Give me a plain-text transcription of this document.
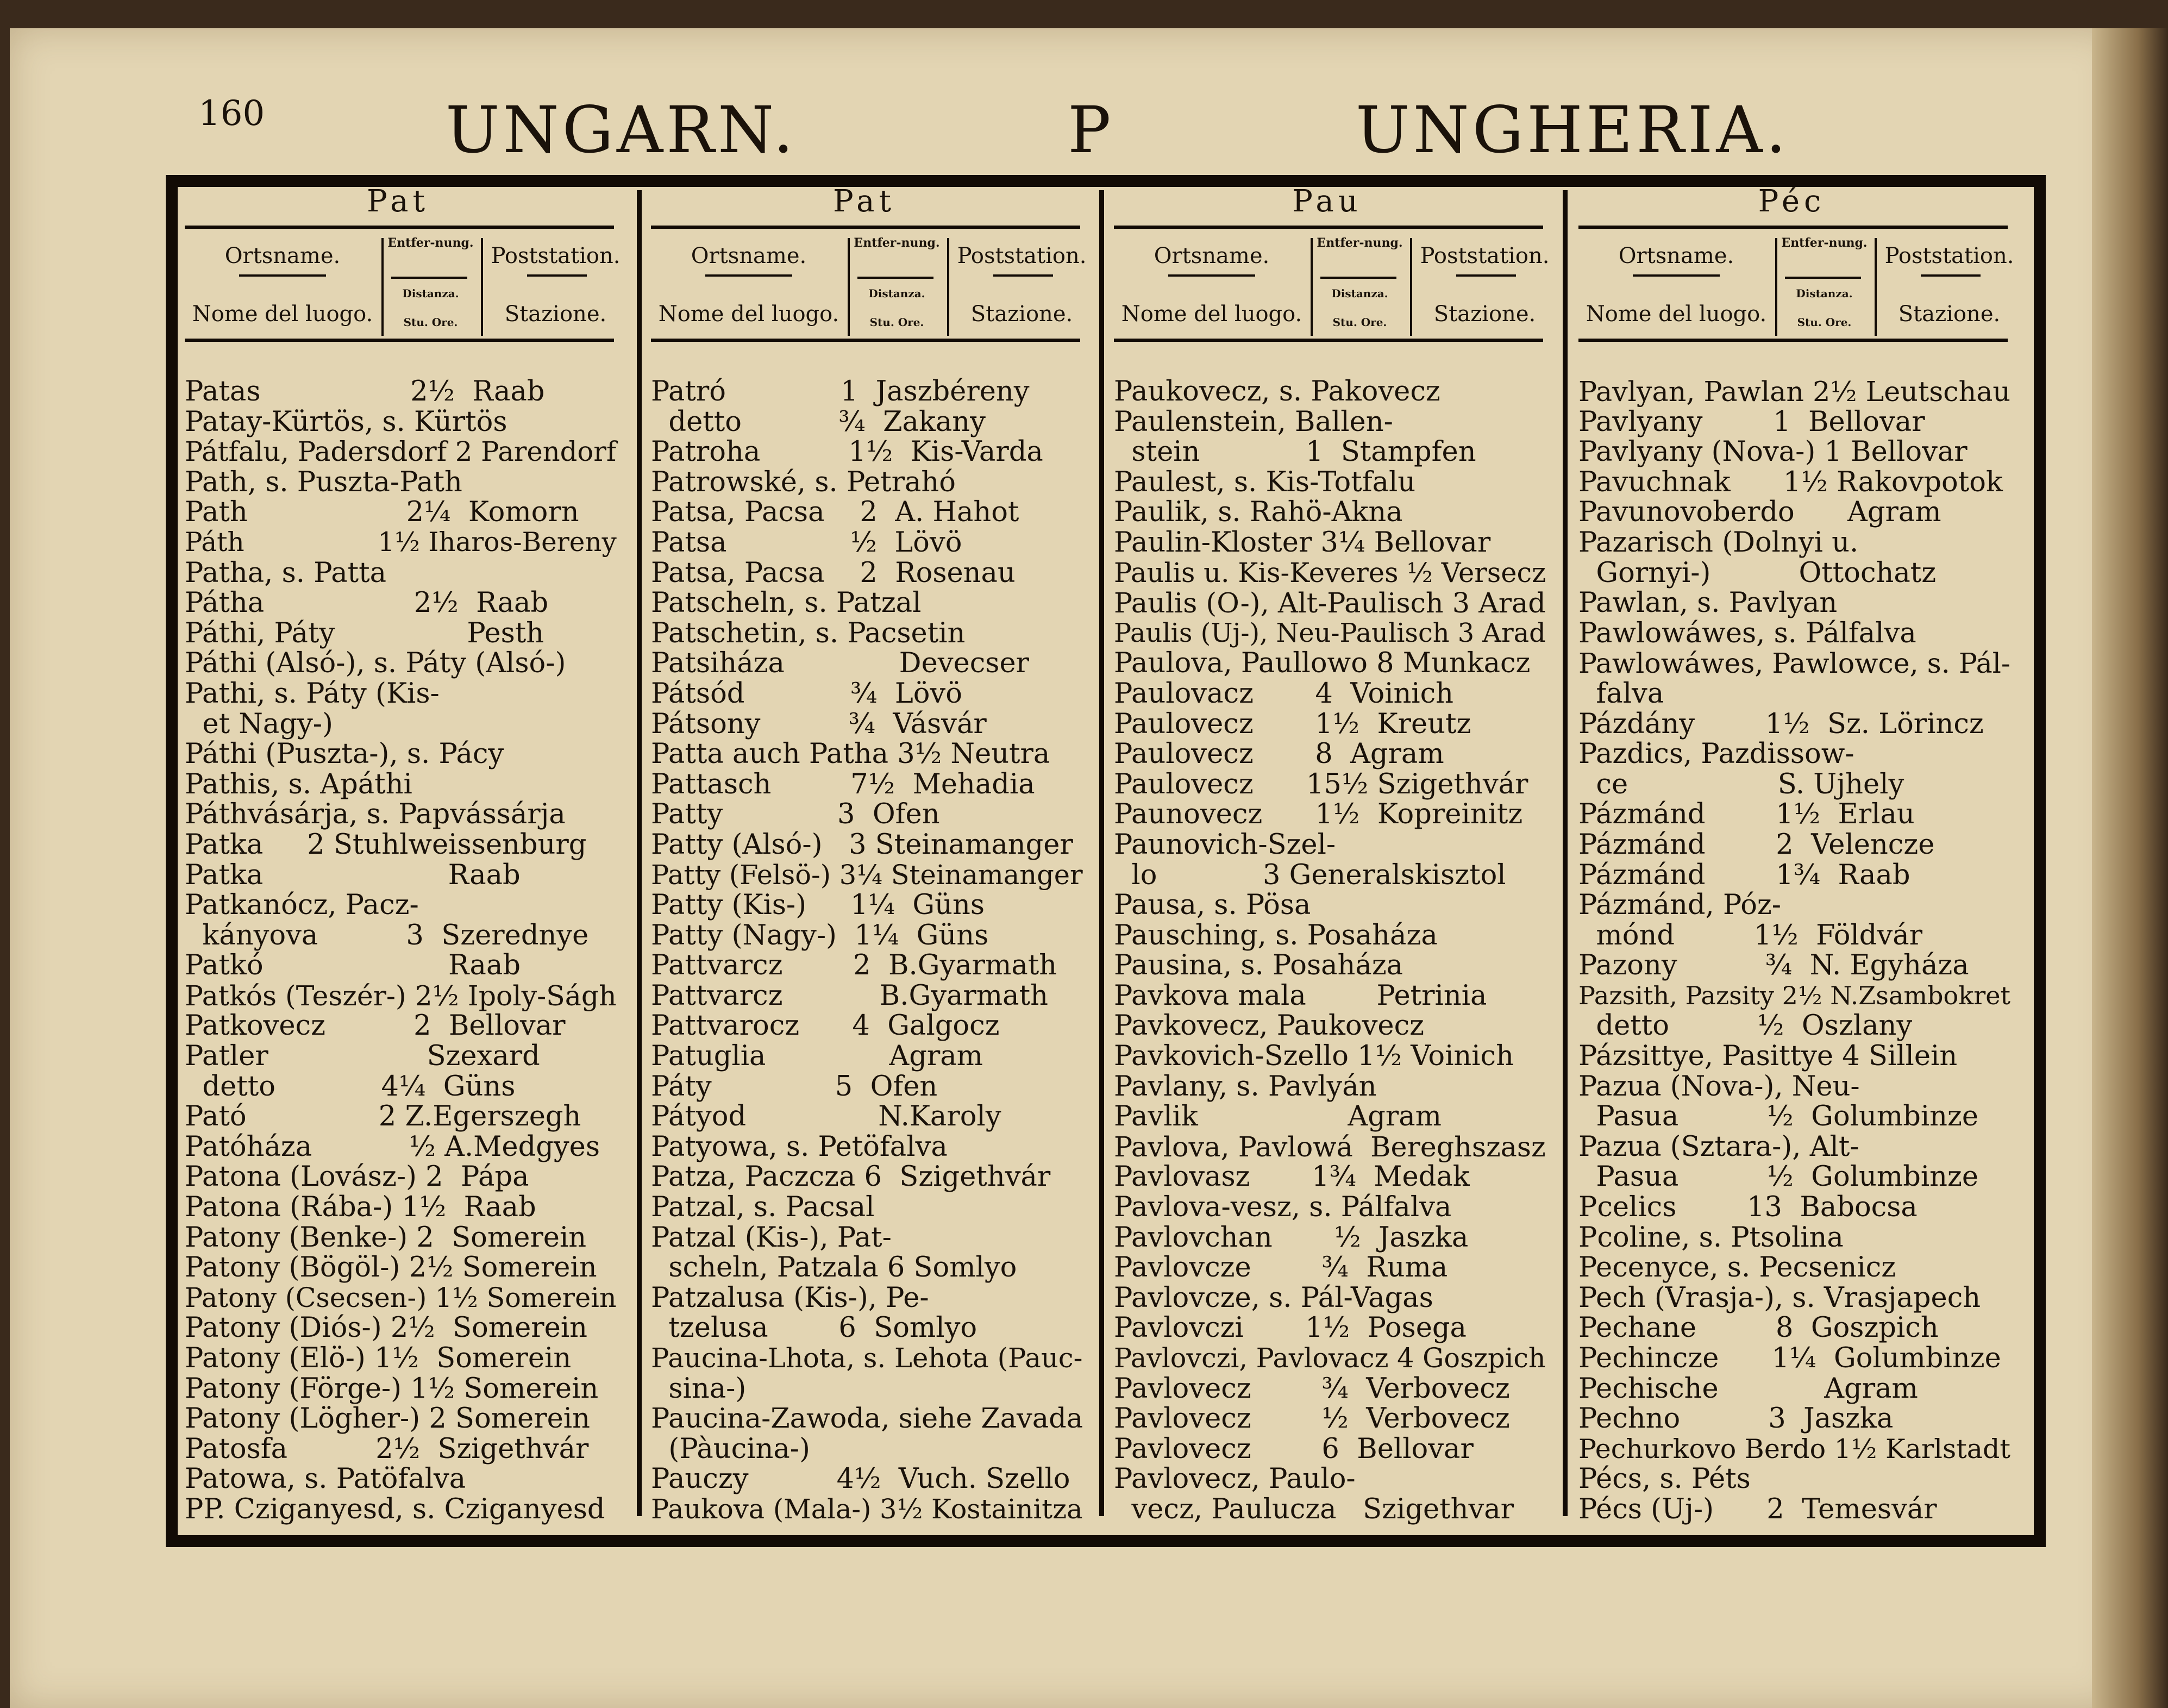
160	UNGARN.	P	UNGHERIA.
Pat
Ortsname.
Nome del luogo.
Entfer-nung.
Distanza.
Stu. Ore.
Poststation.
Stazione.
Patas                 2½  Raab
Patay-Kürtös, s. Kürtös
Pátfalu, Padersdorf 2 Parendorf
Path, s. Puszta-Path
Path                  2¼  Komorn
Páth                1½ Iharos-Bereny
Patha, s. Patta
Pátha                 2½  Raab
Páthi, Páty               Pesth
Páthi (Alsó-), s. Páty (Alsó-)
Pathi, s. Páty (Kis-
et Nagy-)
Páthi (Puszta-), s. Pácy
Pathis, s. Apáthi
Páthvásárja, s. Papvássárja
Patka     2 Stuhlweissenburg
Patka                     Raab
Patkanócz, Pacz-
kányova          3  Szerednye
Patkó                     Raab
Patkós (Teszér-) 2½ Ipoly-Ságh
Patkovecz          2  Bellovar
Patler                  Szexard
detto            4¼  Güns
Pató               2 Z.Egerszegh
Patóháza           ½ A.Medgyes
Patona (Lovász-) 2  Pápa
Patona (Rába-) 1½  Raab
Patony (Benke-) 2  Somerein
Patony (Bögöl-) 2½ Somerein
Patony (Csecsen-) 1½ Somerein
Patony (Diós-) 2½  Somerein
Patony (Elö-) 1½  Somerein
Patony (Förge-) 1½ Somerein
Patony (Lögher-) 2 Somerein
Patosfa          2½  Szigethvár
Patowa, s. Patöfalva
PP. Cziganyesd, s. Cziganyesd
Pat
Ortsname.
Nome del luogo.
Entfer-nung.
Distanza.
Stu. Ore.
Poststation.
Stazione.
Patró             1  Jaszbéreny
detto           ¾  Zakany
Patroha          1½  Kis-Varda
Patrowské, s. Petrahó
Patsa, Pacsa    2  A. Hahot
Patsa              ½  Lövö
Patsa, Pacsa    2  Rosenau
Patscheln, s. Patzal
Patschetin, s. Pacsetin
Patsiháza             Devecser
Pátsód            ¾  Lövö
Pátsony          ¾  Vásvár
Patta auch Patha 3½ Neutra
Pattasch         7½  Mehadia
Patty             3  Ofen
Patty (Alsó-)   3 Steinamanger
Patty (Felsö-) 3¼ Steinamanger
Patty (Kis-)     1¼  Güns
Patty (Nagy-)  1¼  Güns
Pattvarcz        2  B.Gyarmath
Pattvarcz           B.Gyarmath
Pattvarocz      4  Galgocz
Patuglia              Agram
Páty              5  Ofen
Pátyod               N.Karoly
Patyowa, s. Petöfalva
Patza, Paczcza 6  Szigethvár
Patzal, s. Pacsal
Patzal (Kis-), Pat-
scheln, Patzala 6 Somlyo
Patzalusa (Kis-), Pe-
tzelusa        6  Somlyo
Paucina-Lhota, s. Lehota (Pauc-
sina-)
Paucina-Zawoda, siehe Zavada
(Pàucina-)
Pauczy          4½  Vuch. Szello
Paukova (Mala-) 3½ Kostainitza
Pau
Ortsname.
Nome del luogo.
Entfer-nung.
Distanza.
Stu. Ore.
Poststation.
Stazione.
Paukovecz, s. Pakovecz
Paulenstein, Ballen-
stein            1  Stampfen
Paulest, s. Kis-Totfalu
Paulik, s. Rahö-Akna
Paulin-Kloster 3¼ Bellovar
Paulis u. Kis-Keveres ½ Versecz
Paulis (O-), Alt-Paulisch 3 Arad
Paulis (Uj-), Neu-Paulisch 3 Arad
Paulova, Paullowo 8 Munkacz
Paulovacz       4  Voinich
Paulovecz       1½  Kreutz
Paulovecz       8  Agram
Paulovecz      15½ Szigethvár
Paunovecz      1½  Kopreinitz
Paunovich-Szel-
lo            3 Generalskisztol
Pausa, s. Pösa
Pausching, s. Posaháza
Pausina, s. Posaháza
Pavkova mala        Petrinia
Pavkovecz, Paukovecz
Pavkovich-Szello 1½ Voinich
Pavlany, s. Pavlyán
Pavlik                 Agram
Pavlova, Pavlowá  Bereghszasz
Pavlovasz       1¾  Medak
Pavlova-vesz, s. Pálfalva
Pavlovchan       ½  Jaszka
Pavlovcze        ¾  Ruma
Pavlovcze, s. Pál-Vagas
Pavlovczi       1½  Posega
Pavlovczi, Pavlovacz 4 Goszpich
Pavlovecz        ¾  Verbovecz
Pavlovecz        ½  Verbovecz
Pavlovecz        6  Bellovar
Pavlovecz, Paulo-
vecz, Paulucza   Szigethvar
Péc
Ortsname.
Nome del luogo.
Entfer-nung.
Distanza.
Stu. Ore.
Poststation.
Stazione.
Pavlyan, Pawlan 2½ Leutschau
Pavlyany        1  Bellovar
Pavlyany (Nova-) 1 Bellovar
Pavuchnak      1½ Rakovpotok
Pavunovoberdo      Agram
Pazarisch (Dolnyi u.
Gornyi-)          Ottochatz
Pawlan, s. Pavlyan
Pawlowáwes, s. Pálfalva
Pawlowáwes, Pawlowce, s. Pál-
falva
Pázdány        1½  Sz. Lörincz
Pazdics, Pazdissow-
ce                 S. Ujhely
Pázmánd        1½  Erlau
Pázmánd        2  Velencze
Pázmánd        1¾  Raab
Pázmánd, Póz-
mónd         1½  Földvár
Pazony          ¾  N. Egyháza
Pazsith, Pazsity 2½ N.Zsambokret
detto          ½  Oszlany
Pázsittye, Pasittye 4 Sillein
Pazua (Nova-), Neu-
Pasua          ½  Golumbinze
Pazua (Sztara-), Alt-
Pasua          ½  Golumbinze
Pcelics        13  Babocsa
Pcoline, s. Ptsolina
Pecenyce, s. Pecsenicz
Pech (Vrasja-), s. Vrasjapech
Pechane         8  Goszpich
Pechincze      1¼  Golumbinze
Pechische            Agram
Pechno          3  Jaszka
Pechurkovo Berdo 1½ Karlstadt
Pécs, s. Péts
Pécs (Uj-)      2  Temesvár
